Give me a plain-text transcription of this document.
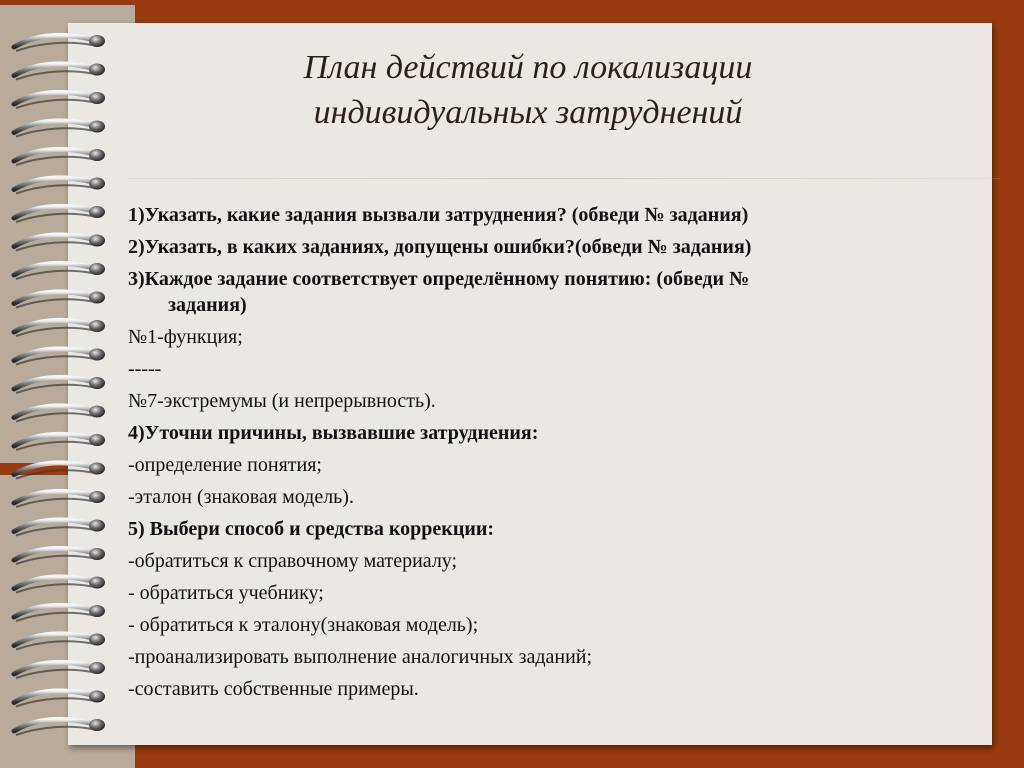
План действий по локализации
индивидуальных затруднений
1)Указать, какие задания вызвали затруднения? (обведи № задания)
2)Указать, в каких заданиях, допущены ошибки?(обведи № задания)
3)Каждое задание соответствует определённому понятию: (обведи №
задания)
№1-функция;
-----
№7-экстремумы (и непрерывность).
4)Уточни причины, вызвавшие затруднения:
-определение понятия;
-эталон (знаковая модель).
5) Выбери способ и средства коррекции:
-обратиться к справочному материалу;
- обратиться учебнику;
- обратиться к эталону(знаковая модель);
-проанализировать выполнение аналогичных заданий;
-составить собственные примеры.
